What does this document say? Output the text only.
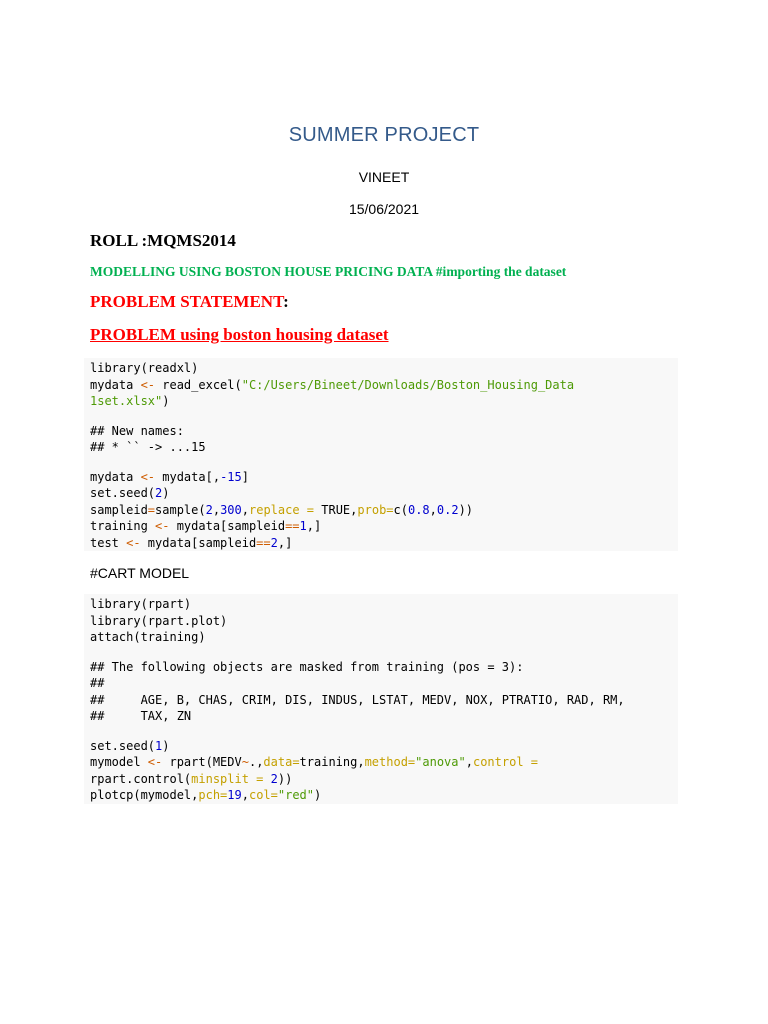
SUMMER PROJECT
VINEET
15/06/2021
ROLL :MQMS2014
MODELLING USING BOSTON HOUSE PRICING DATA #importing the dataset
PROBLEM STATEMENT:
PROBLEM using boston housing dataset
library(readxl)
mydata <- read_excel("C:/Users/Bineet/Downloads/Boston_Housing_Data
1set.xlsx")
## New names:
## * `` -> ...15
mydata <- mydata[,-15]
set.seed(2)
sampleid=sample(2,300,replace = TRUE,prob=c(0.8,0.2))
training <- mydata[sampleid==1,]
test <- mydata[sampleid==2,]
#CART MODEL
library(rpart)
library(rpart.plot)
attach(training)
## The following objects are masked from training (pos = 3):
##
##     AGE, B, CHAS, CRIM, DIS, INDUS, LSTAT, MEDV, NOX, PTRATIO, RAD, RM,
##     TAX, ZN
set.seed(1)
mymodel <- rpart(MEDV~.,data=training,method="anova",control =
rpart.control(minsplit = 2))
plotcp(mymodel,pch=19,col="red")
